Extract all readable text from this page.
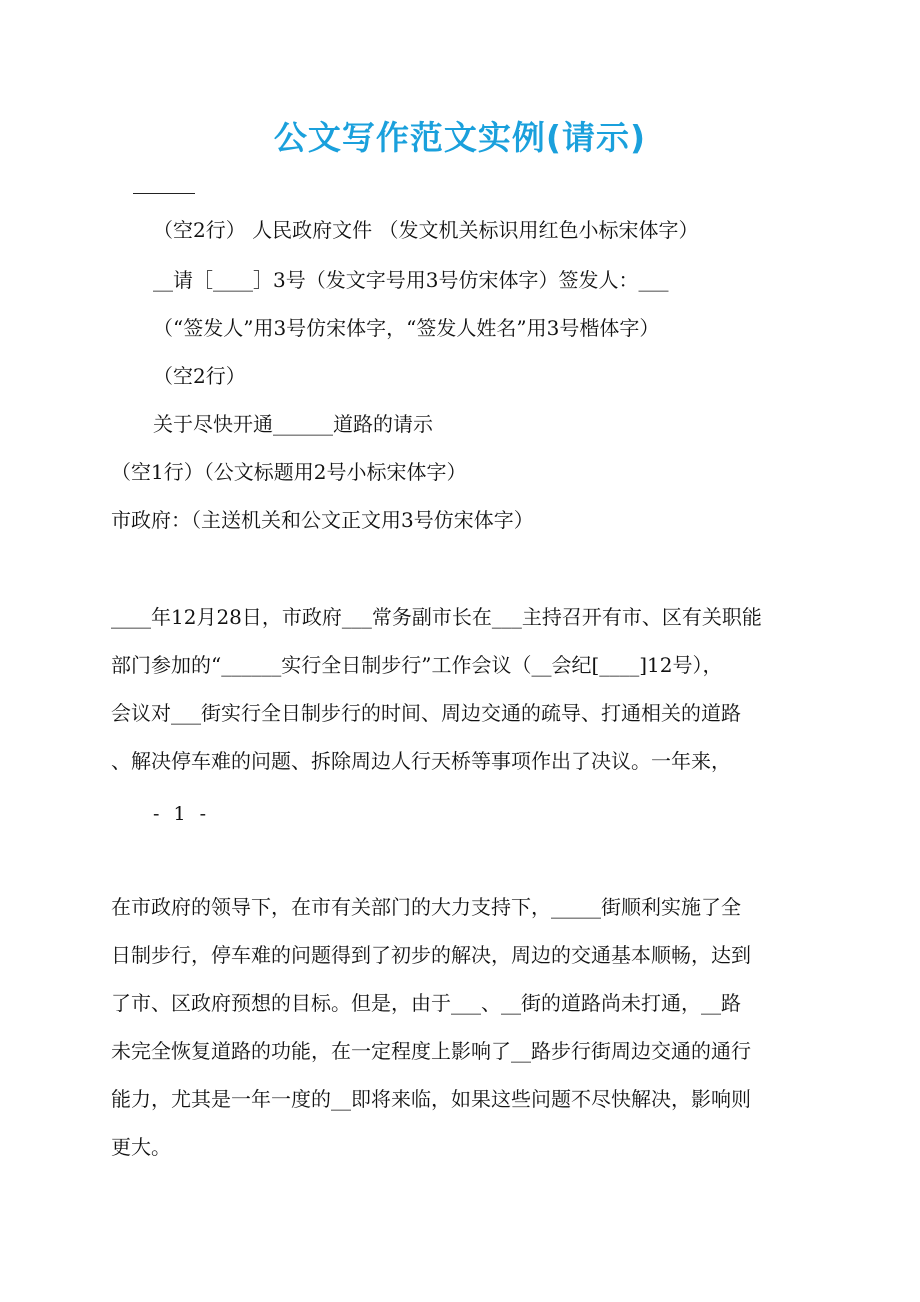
公文写作范文实例(请示)
（空2行） 人民政府文件 （发文机关标识用红色小标宋体字）
__请［____］3号（发文字号用3号仿宋体字）签发人：___
（“签发人”用3号仿宋体字，“签发人姓名”用3号楷体字）
（空2行）
关于尽快开通______道路的请示
（空1行）（公文标题用2号小标宋体字）
市政府：（主送机关和公文正文用3号仿宋体字）
____年12月28日，市政府___常务副市长在___主持召开有市、区有关职能
部门参加的“______实行全日制步行”工作会议（__会纪[____]12号），
会议对___街实行全日制步行的时间、周边交通的疏导、打通相关的道路
、解决停车难的问题、拆除周边人行天桥等事项作出了决议。一年来，
- 1 -
在市政府的领导下，在市有关部门的大力支持下，_____街顺利实施了全
日制步行，停车难的问题得到了初步的解决，周边的交通基本顺畅，达到
了市、区政府预想的目标。但是，由于___、__街的道路尚未打通，__路
未完全恢复道路的功能，在一定程度上影响了__路步行街周边交通的通行
能力，尤其是一年一度的__即将来临，如果这些问题不尽快解决，影响则
更大。
